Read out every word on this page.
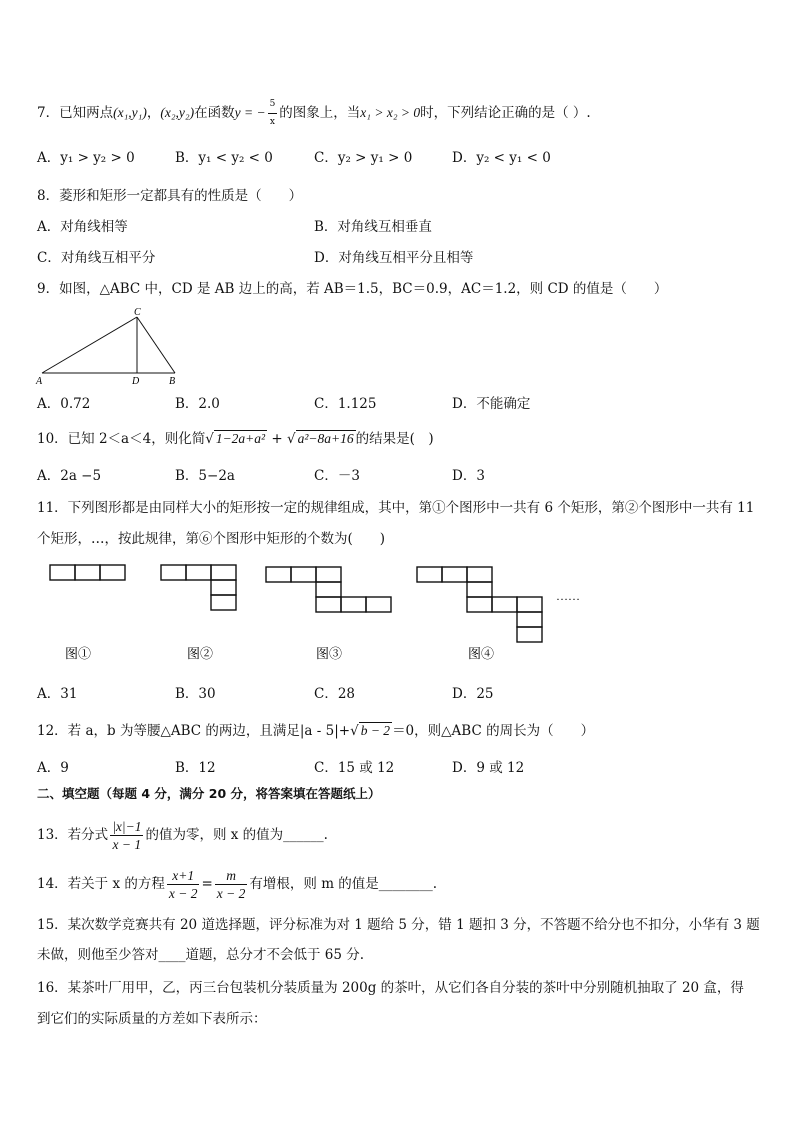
7．已知两点(x₁,y₁)，(x₂,y₂)在函数y = − $\frac{5}{x}$ 的图象上，当x₁ > x₂ > 0时，下列结论正确的是（ ）.
A．y₁ > y₂ > 0	B．y₁ < y₂ < 0	C．y₂ > y₁ > 0	D．y₂ < y₁ < 0
8．菱形和矩形一定都具有的性质是（　　）
A．对角线相等	B．对角线互相垂直
C．对角线互相平分	D．对角线互相平分且相等
9．如图，△ABC 中，CD 是 AB 边上的高，若 AB＝1.5，BC＝0.9，AC＝1.2，则 CD 的值是（　　）
C
A	D	B
A．0.72	B．2.0	C．1.125	D．不能确定
10．已知 2＜a＜4，则化简√ 1−2a+a² + √ a²−8a+16 的结果是(　)
A．2a −5	B．5−2a	C．－3	D．3
11．下列图形都是由同样大小的矩形按一定的规律组成，其中，第①个图形中一共有 6 个矩形，第②个图形中一共有 11
个矩形，…，按此规律，第⑥个图形中矩形的个数为(　　)
……
图①	图②	图③	图④
A．31	B．30	C．28	D．25
12．若 a，b 为等腰△ABC 的两边，且满足|a - 5|+√ b − 2 ＝0，则△ABC 的周长为（　　）
A．9	B．12	C．15 或 12	D．9 或 12
二、填空题（每题 4 分，满分 20 分，将答案填在答题纸上）
13．若分式 $\frac{|x|-1}{x - 1}$ 的值为零，则 x 的值为______.
14．若关于 x 的方程 $\frac{x+1}{x - 2} = \frac{m}{x - 2}$ 有增根，则 m 的值是________.
15．某次数学竞赛共有 20 道选择题，评分标准为对 1 题给 5 分，错 1 题扣 3 分，不答题不给分也不扣分，小华有 3 题
未做，则他至少答对____道题，总分才不会低于 65 分.
16．某茶叶厂用甲，乙，丙三台包装机分装质量为 200g 的茶叶，从它们各自分装的茶叶中分别随机抽取了 20 盒，得
到它们的实际质量的方差如下表所示：
